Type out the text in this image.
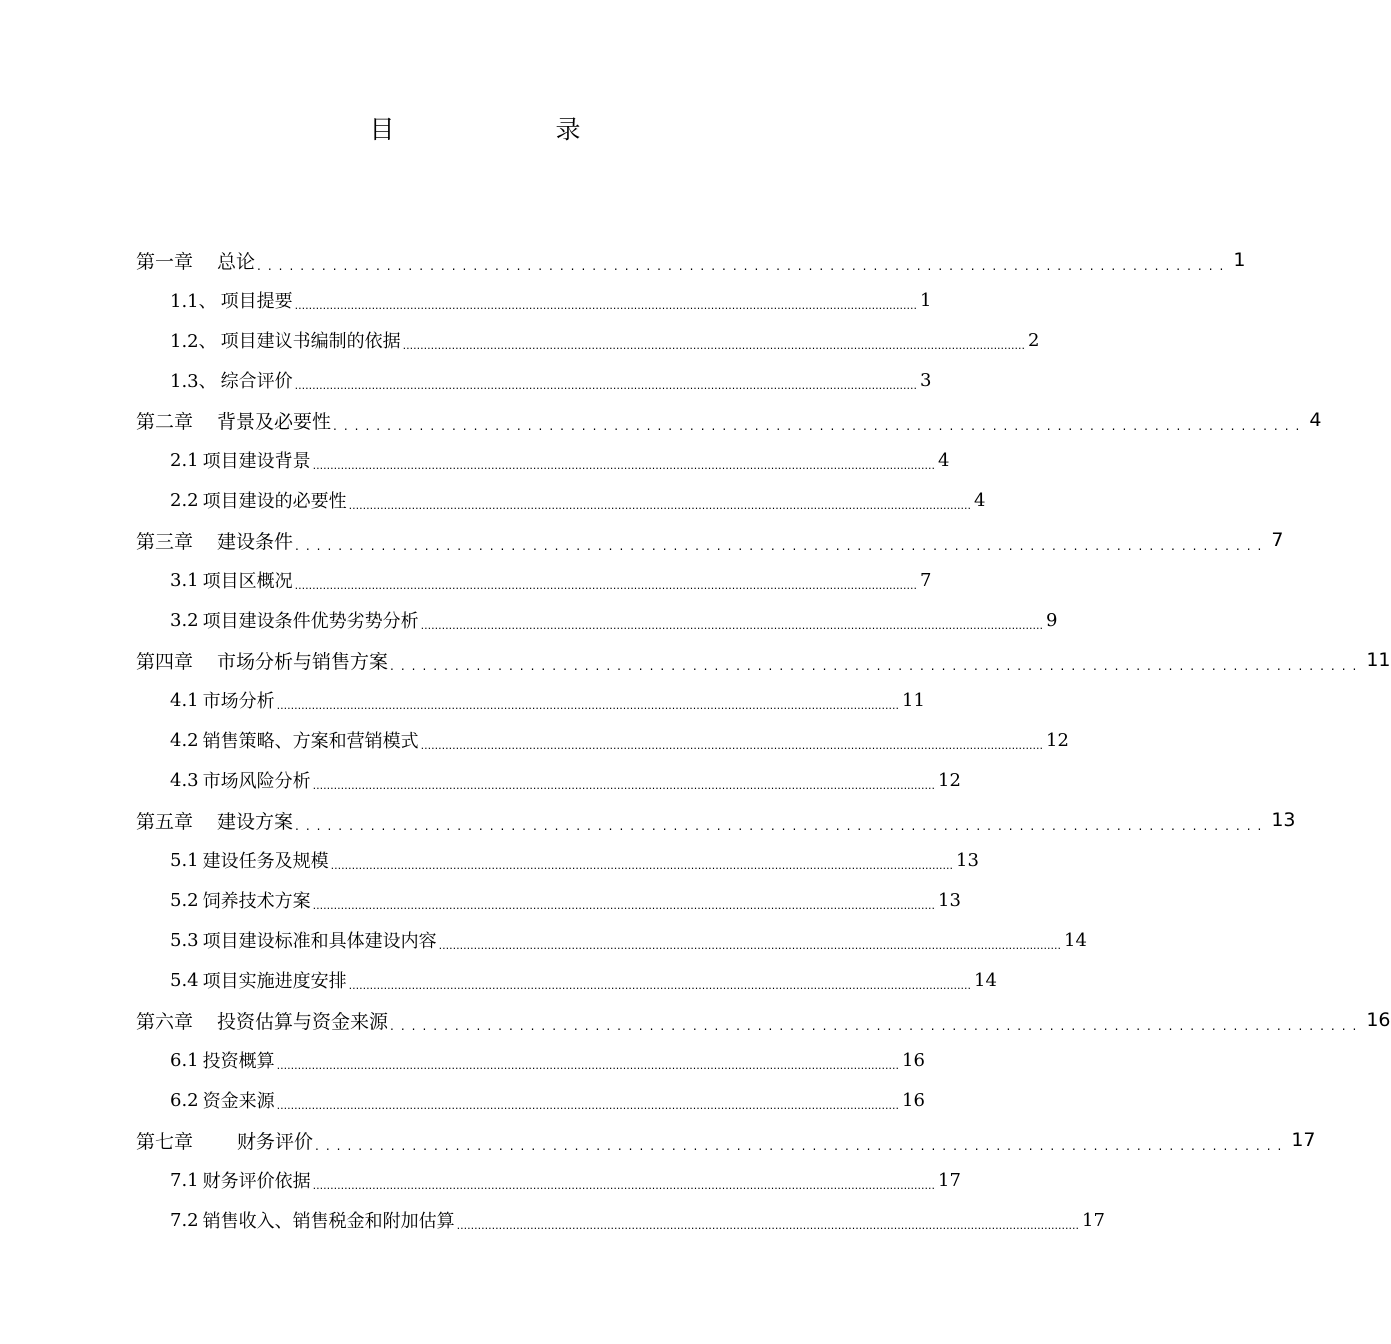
目　录
第一章 总论 .......................................................................................... 1
1.1、 项目提要 .................................................................................................................................................................................. 1
1.2、 项目建议书编制的依据 .................................................................................................................................................................................. 2
1.3、 综合评价 .................................................................................................................................................................................. 3
第二章 背景及必要性 .......................................................................................... 4
2.1 项目建设背景 .................................................................................................................................................................................. 4
2.2 项目建设的必要性 .................................................................................................................................................................................. 4
第三章 建设条件 .......................................................................................... 7
3.1 项目区概况 .................................................................................................................................................................................. 7
3.2 项目建设条件优势劣势分析 .................................................................................................................................................................................. 9
第四章 市场分析与销售方案 .......................................................................................... 11
4.1 市场分析 .................................................................................................................................................................................. 11
4.2 销售策略、方案和营销模式 .................................................................................................................................................................................. 12
4.3 市场风险分析 .................................................................................................................................................................................. 12
第五章 建设方案 .......................................................................................... 13
5.1 建设任务及规模 .................................................................................................................................................................................. 13
5.2 饲养技术方案 .................................................................................................................................................................................. 13
5.3 项目建设标准和具体建设内容 .................................................................................................................................................................................. 14
5.4 项目实施进度安排 .................................................................................................................................................................................. 14
第六章 投资估算与资金来源 .......................................................................................... 16
6.1 投资概算 .................................................................................................................................................................................. 16
6.2 资金来源 .................................................................................................................................................................................. 16
第七章 财务评价 .......................................................................................... 17
7.1 财务评价依据 .................................................................................................................................................................................. 17
7.2 销售收入、销售税金和附加估算 .................................................................................................................................................................................. 17
